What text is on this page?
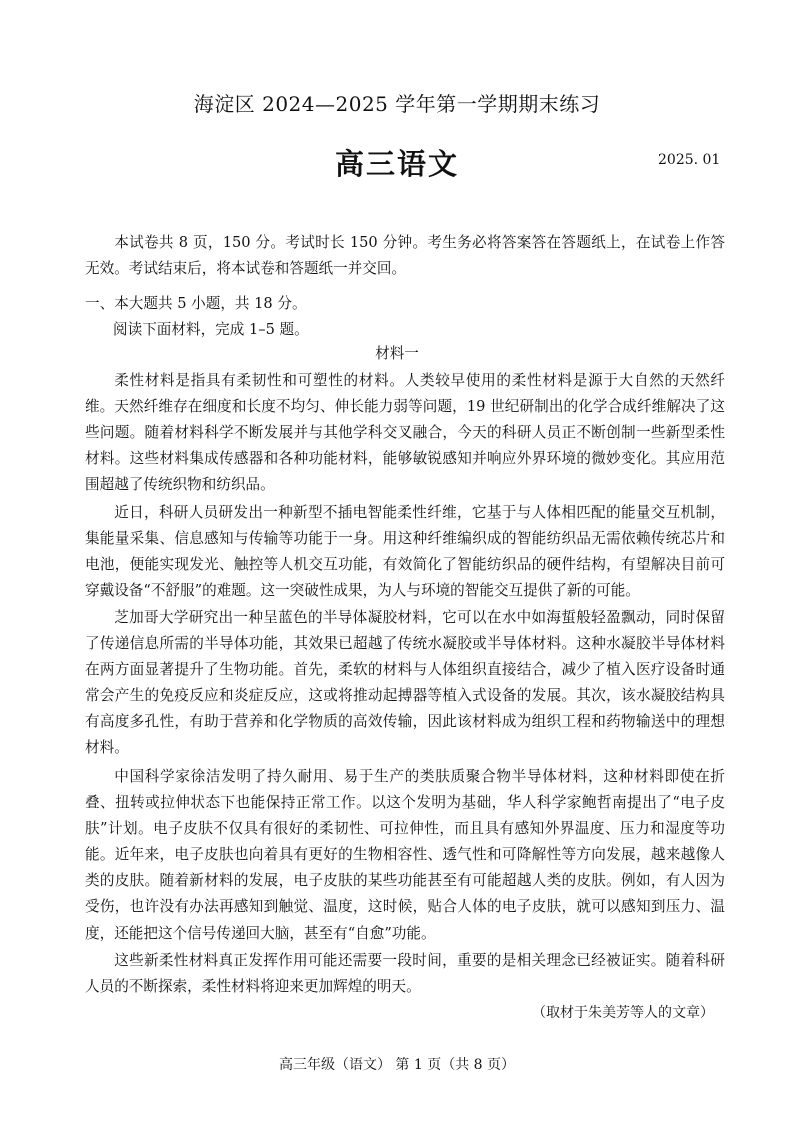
海淀区 2024—2025 学年第一学期期末练习
高三语文	2025. 01

本试卷共 8 页，150 分。考试时长 150 分钟。考生务必将答案答在答题纸上，在试卷上作答无效。考试结束后，将本试卷和答题纸一并交回。

一、本大题共 5 小题，共 18 分。
阅读下面材料，完成 1–5 题。
材料一

柔性材料是指具有柔韧性和可塑性的材料。人类较早使用的柔性材料是源于大自然的天然纤维。天然纤维存在细度和长度不均匀、伸长能力弱等问题，19 世纪研制出的化学合成纤维解决了这些问题。随着材料科学不断发展并与其他学科交叉融合，今天的科研人员正不断创制一些新型柔性材料。这些材料集成传感器和各种功能材料，能够敏锐感知并响应外界环境的微妙变化。其应用范围超越了传统织物和纺织品。

近日，科研人员研发出一种新型不插电智能柔性纤维，它基于与人体相匹配的能量交互机制，集能量采集、信息感知与传输等功能于一身。用这种纤维编织成的智能纺织品无需依赖传统芯片和电池，便能实现发光、触控等人机交互功能，有效简化了智能纺织品的硬件结构，有望解决目前可穿戴设备“不舒服”的难题。这一突破性成果，为人与环境的智能交互提供了新的可能。

芝加哥大学研究出一种呈蓝色的半导体凝胶材料，它可以在水中如海蜇般轻盈飘动，同时保留了传递信息所需的半导体功能，其效果已超越了传统水凝胶或半导体材料。这种水凝胶半导体材料在两方面显著提升了生物功能。首先，柔软的材料与人体组织直接结合，减少了植入医疗设备时通常会产生的免疫反应和炎症反应，这或将推动起搏器等植入式设备的发展。其次，该水凝胶结构具有高度多孔性，有助于营养和化学物质的高效传输，因此该材料成为组织工程和药物输送中的理想材料。

中国科学家徐洁发明了持久耐用、易于生产的类肤质聚合物半导体材料，这种材料即使在折叠、扭转或拉伸状态下也能保持正常工作。以这个发明为基础，华人科学家鲍哲南提出了“电子皮肤”计划。电子皮肤不仅具有很好的柔韧性、可拉伸性，而且具有感知外界温度、压力和湿度等功能。近年来，电子皮肤也向着具有更好的生物相容性、透气性和可降解性等方向发展，越来越像人类的皮肤。随着新材料的发展，电子皮肤的某些功能甚至有可能超越人类的皮肤。例如，有人因为受伤，也许没有办法再感知到触觉、温度，这时候，贴合人体的电子皮肤，就可以感知到压力、温度，还能把这个信号传递回大脑，甚至有“自愈”功能。

这些新柔性材料真正发挥作用可能还需要一段时间，重要的是相关理念已经被证实。随着科研人员的不断探索，柔性材料将迎来更加辉煌的明天。

（取材于朱美芳等人的文章）
高三年级（语文） 第 1 页（共 8 页）
